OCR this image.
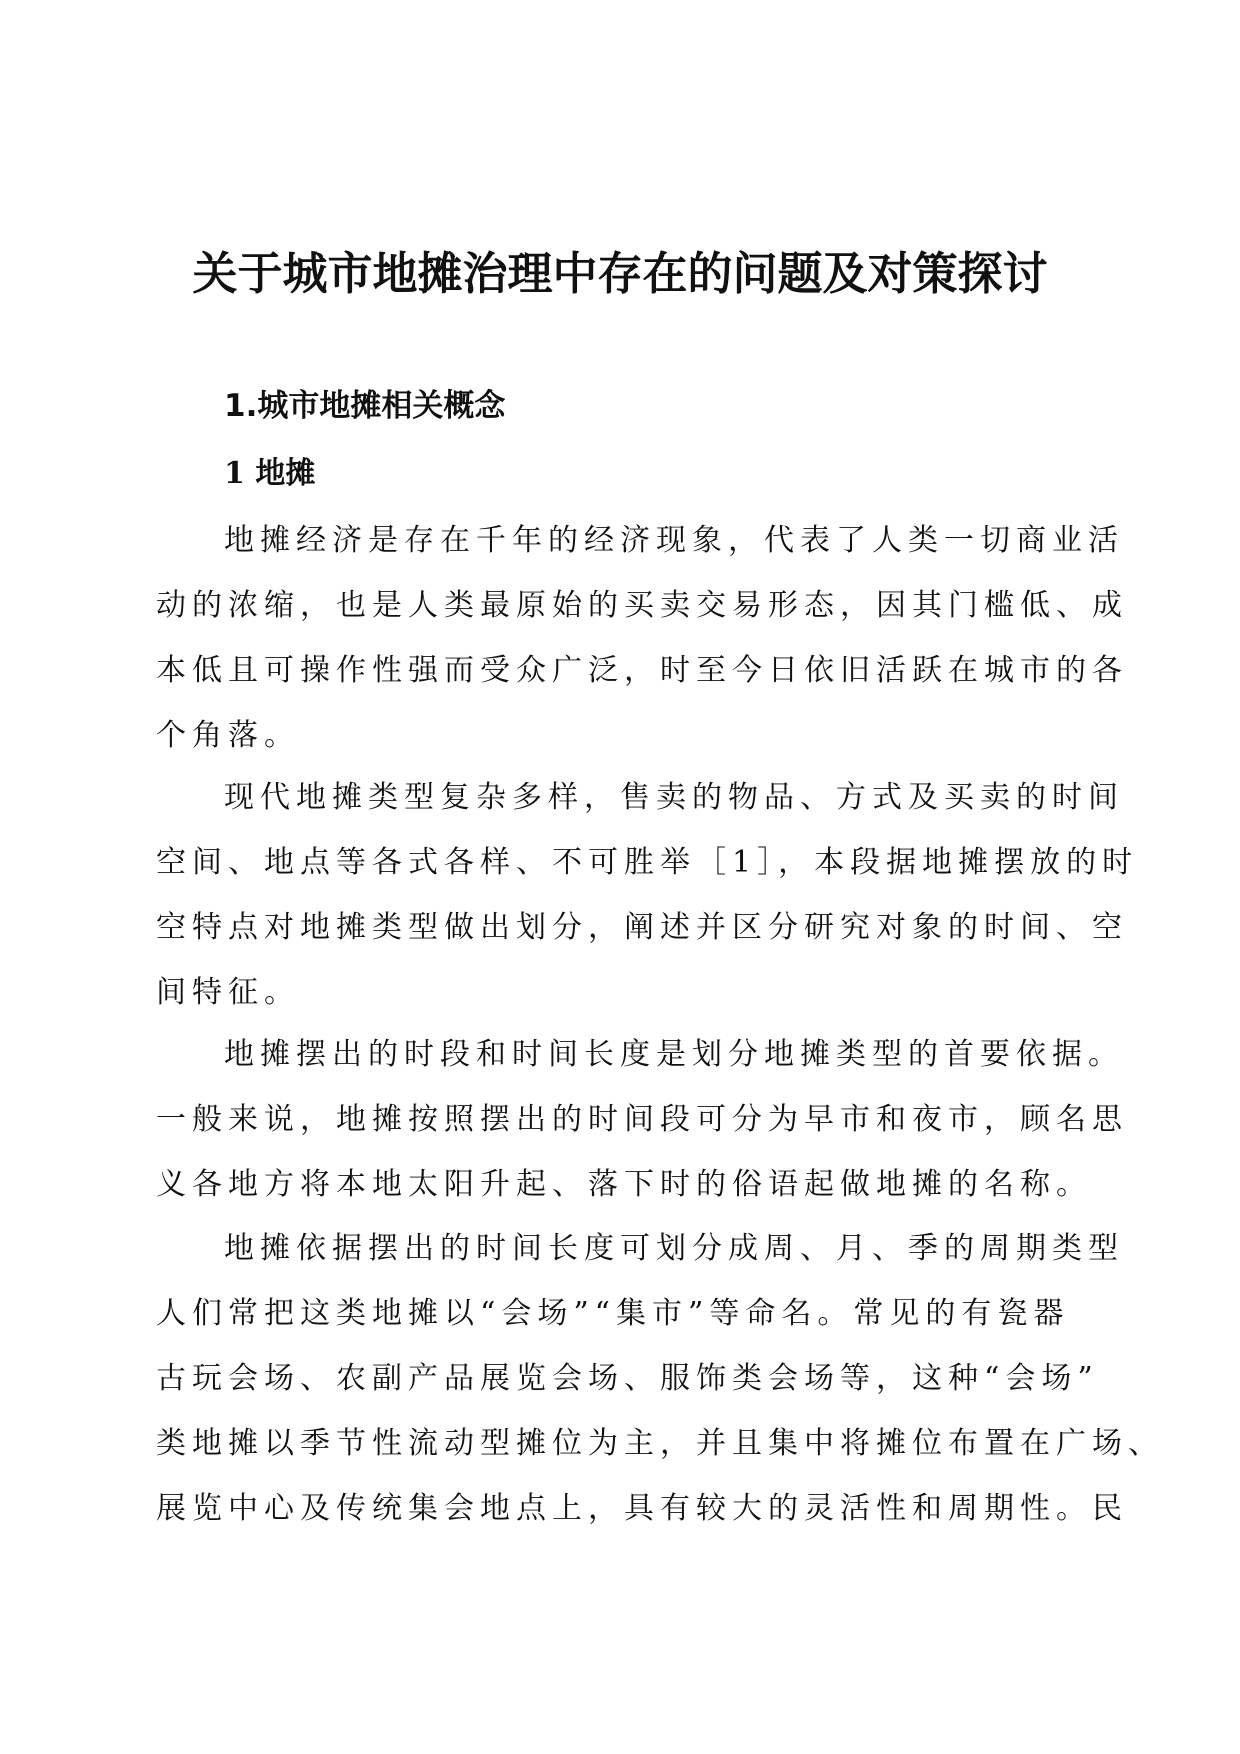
关于城市地摊治理中存在的问题及对策探讨
1.城市地摊相关概念
1 地摊
地摊经济是存在千年的经济现象，代表了人类一切商业活
动的浓缩，也是人类最原始的买卖交易形态，因其门槛低、成
本低且可操作性强而受众广泛，时至今日依旧活跃在城市的各
个角落。
现代地摊类型复杂多样，售卖的物品、方式及买卖的时间
空间、地点等各式各样、不可胜举［1］，本段据地摊摆放的时
空特点对地摊类型做出划分，阐述并区分研究对象的时间、空
间特征。
地摊摆出的时段和时间长度是划分地摊类型的首要依据。
一般来说，地摊按照摆出的时间段可分为早市和夜市，顾名思
义各地方将本地太阳升起、落下时的俗语起做地摊的名称。
地摊依据摆出的时间长度可划分成周、月、季的周期类型
人们常把这类地摊以“会场”“集市”等命名。常见的有瓷器
古玩会场、农副产品展览会场、服饰类会场等，这种“会场”
类地摊以季节性流动型摊位为主，并且集中将摊位布置在广场、
展览中心及传统集会地点上，具有较大的灵活性和周期性。民
